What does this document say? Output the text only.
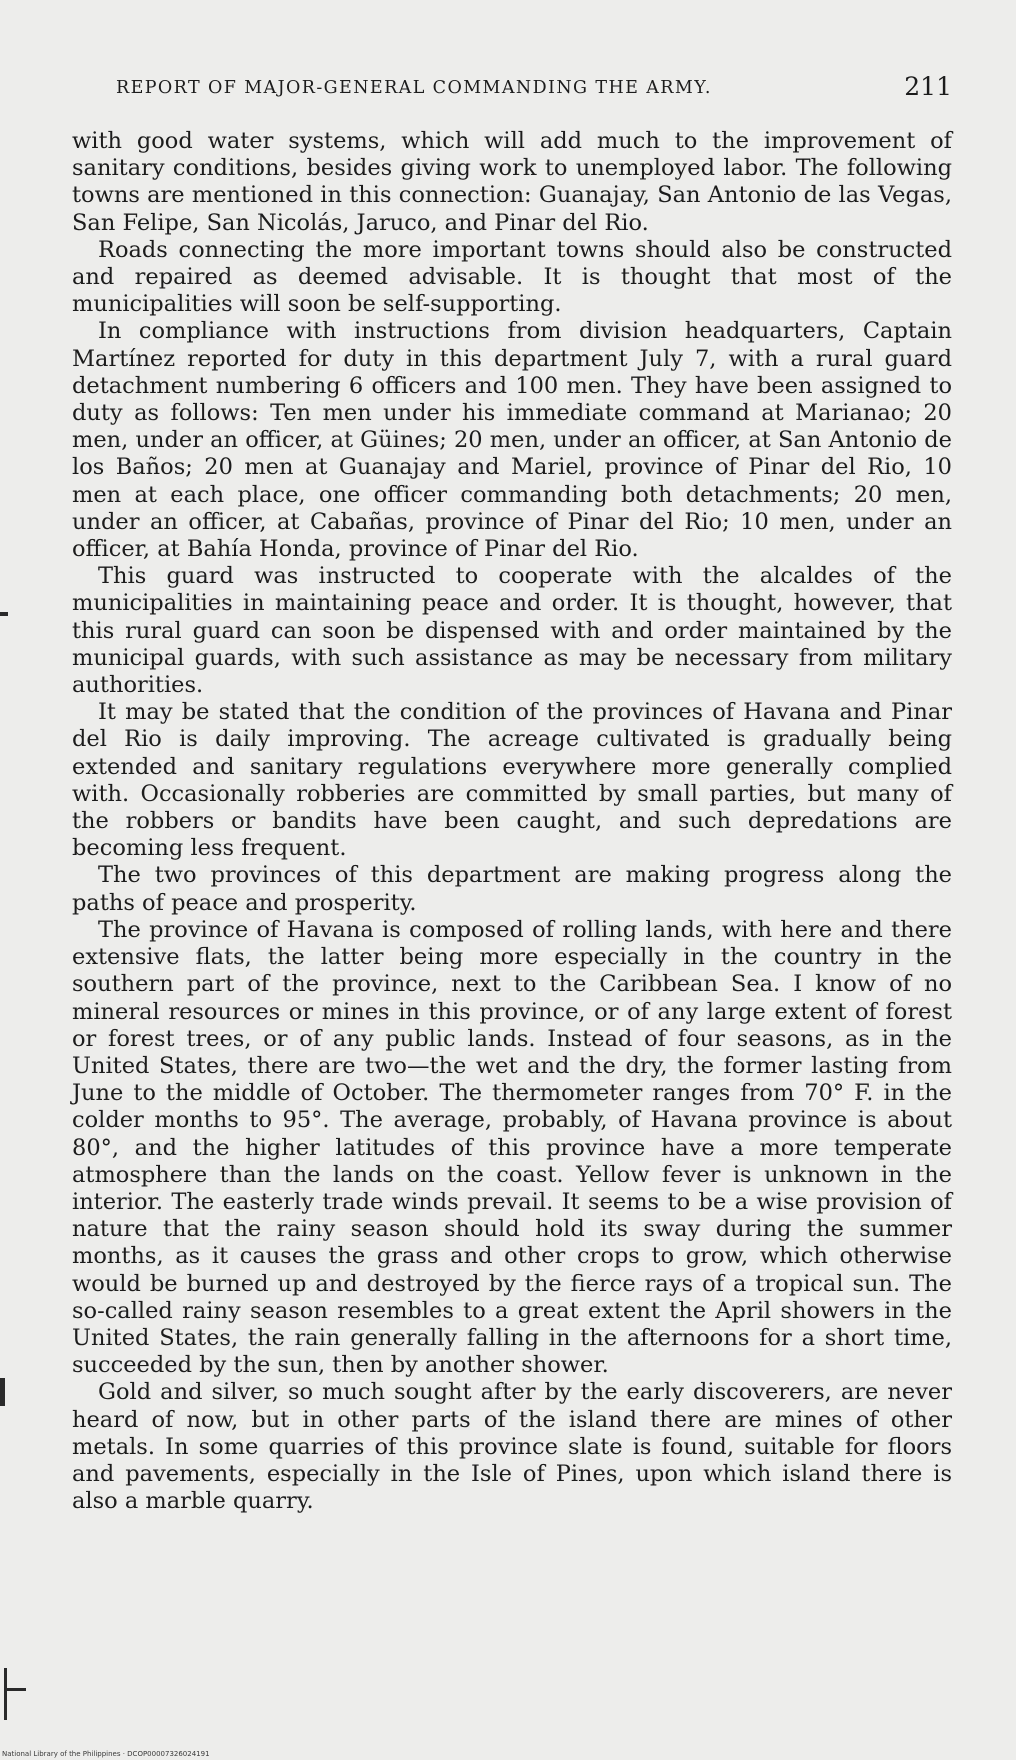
REPORT OF MAJOR-GENERAL COMMANDING THE ARMY.	211

with good water systems, which will add much to the improvement of sanitary conditions, besides giving work to unemployed labor. The following towns are mentioned in this connection: Guanajay, San Antonio de las Vegas, San Felipe, San Nicolás, Jaruco, and Pinar del Rio.

Roads connecting the more important towns should also be constructed and repaired as deemed advisable. It is thought that most of the municipalities will soon be self-supporting.

In compliance with instructions from division headquarters, Captain Martínez reported for duty in this department July 7, with a rural guard detachment numbering 6 officers and 100 men. They have been assigned to duty as follows: Ten men under his immediate command at Marianao; 20 men, under an officer, at Güines; 20 men, under an officer, at San Antonio de los Baños; 20 men at Guanajay and Mariel, province of Pinar del Rio, 10 men at each place, one officer commanding both detachments; 20 men, under an officer, at Cabañas, province of Pinar del Rio; 10 men, under an officer, at Bahía Honda, province of Pinar del Rio.

This guard was instructed to cooperate with the alcaldes of the municipalities in maintaining peace and order. It is thought, however, that this rural guard can soon be dispensed with and order maintained by the municipal guards, with such assistance as may be necessary from military authorities.

It may be stated that the condition of the provinces of Havana and Pinar del Rio is daily improving. The acreage cultivated is gradually being extended and sanitary regulations everywhere more generally complied with. Occasionally robberies are committed by small parties, but many of the robbers or bandits have been caught, and such depredations are becoming less frequent.

The two provinces of this department are making progress along the paths of peace and prosperity.

The province of Havana is composed of rolling lands, with here and there extensive flats, the latter being more especially in the country in the southern part of the province, next to the Caribbean Sea. I know of no mineral resources or mines in this province, or of any large extent of forest or forest trees, or of any public lands. Instead of four seasons, as in the United States, there are two—the wet and the dry, the former lasting from June to the middle of October. The thermometer ranges from 70° F. in the colder months to 95°. The average, probably, of Havana province is about 80°, and the higher latitudes of this province have a more temperate atmosphere than the lands on the coast. Yellow fever is unknown in the interior. The easterly trade winds prevail. It seems to be a wise provision of nature that the rainy season should hold its sway during the summer months, as it causes the grass and other crops to grow, which otherwise would be burned up and destroyed by the fierce rays of a tropical sun. The so-called rainy season resembles to a great extent the April showers in the United States, the rain generally falling in the afternoons for a short time, succeeded by the sun, then by another shower.

Gold and silver, so much sought after by the early discoverers, are never heard of now, but in other parts of the island there are mines of other metals. In some quarries of this province slate is found, suitable for floors and pavements, especially in the Isle of Pines, upon which island there is also a marble quarry.

National Library of the Philippines · DCOP00007326024191
